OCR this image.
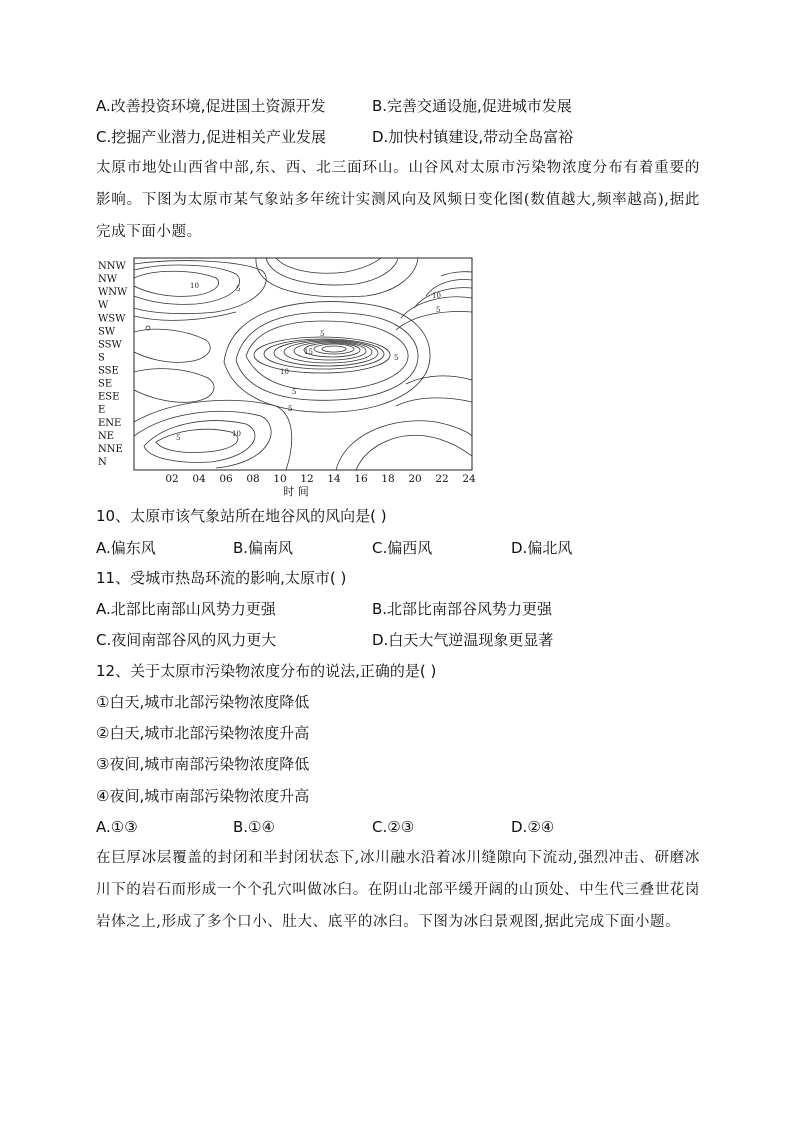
A.改善投资环境,促进国土资源开发	B.完善交通设施,促进城市发展
C.挖掘产业潜力,促进相关产业发展	D.加快村镇建设,带动全岛富裕
太原市地处山西省中部,东、西、北三面环山。山谷风对太原市污染物浓度分布有着重要的影响。下图为太原市某气象站多年统计实测风向及风频日变化图(数值越大,频率越高),据此完成下面小题。
10	5
10
5
5
15
5
10
5
5
5	10
NNW
NW
WNW
W
WSW
SW
SSW
S
SSE
SE
ESE
E
ENE
NE
NNE
N
02 04 06 08 10 12 14 16 18 20 22 24
时 间
10、太原市该气象站所在地谷风的风向是( )
A.偏东风	B.偏南风	C.偏西风	D.偏北风
11、受城市热岛环流的影响,太原市( )
A.北部比南部山风势力更强	B.北部比南部谷风势力更强
C.夜间南部谷风的风力更大	D.白天大气逆温现象更显著
12、关于太原市污染物浓度分布的说法,正确的是( )
①白天,城市北部污染物浓度降低
②白天,城市北部污染物浓度升高
③夜间,城市南部污染物浓度降低
④夜间,城市南部污染物浓度升高
A.①③	B.①④	C.②③	D.②④
在巨厚冰层覆盖的封闭和半封闭状态下,冰川融水沿着冰川缝隙向下流动,强烈冲击、研磨冰川下的岩石而形成一个个孔穴叫做冰臼。在阴山北部平缓开阔的山顶处、中生代三叠世花岗岩体之上,形成了多个口小、肚大、底平的冰臼。下图为冰臼景观图,据此完成下面小题。
